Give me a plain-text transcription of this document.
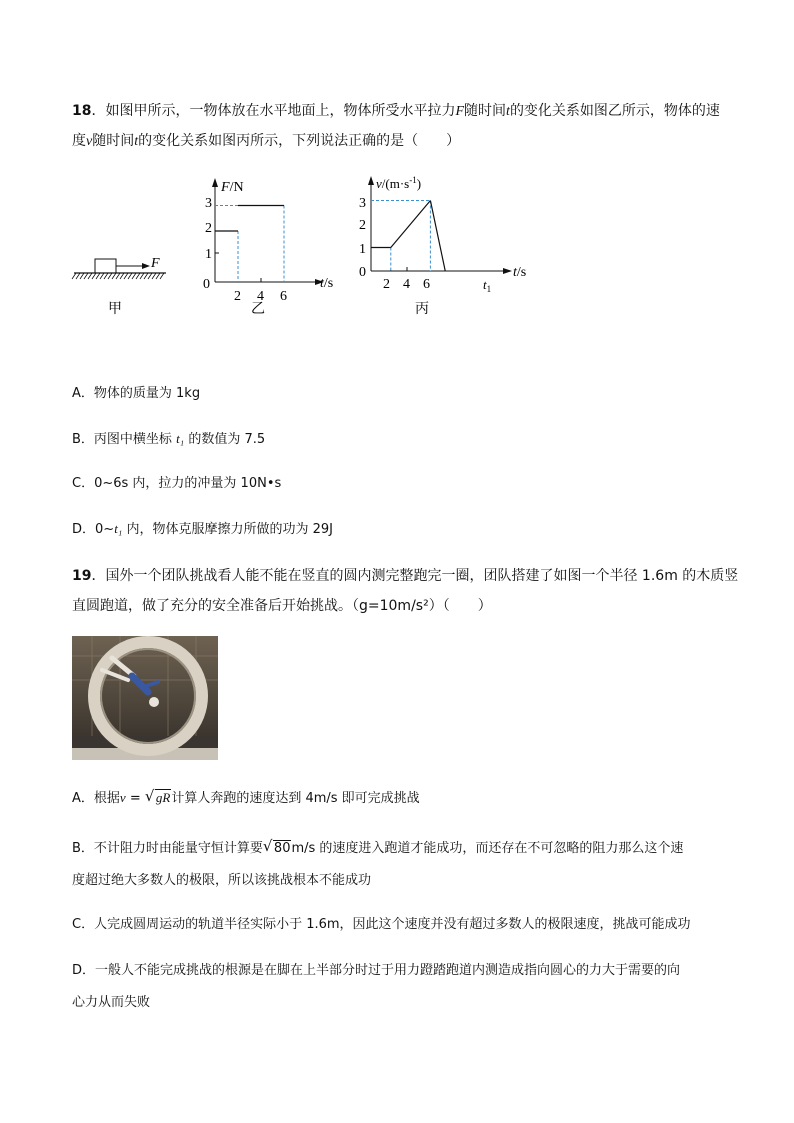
18．如图甲所示，一物体放在水平地面上，物体所受水平拉力F随时间t的变化关系如图乙所示，物体的速
度v随时间t的变化关系如图丙所示，下列说法正确的是（　　）
F
甲
F/N
t/s
0
1
2
3
2 4 6
乙
$v/(m\cdot s^{-1})$
t/s
0
1
2
3
2 4 6	$t_1$
丙
A．物体的质量为 1kg
B．丙图中横坐标 t₁ 的数值为 7.5
C．0~6s 内，拉力的冲量为 10N•s
D．0~t₁ 内，物体克服摩擦力所做的功为 29J
19．国外一个团队挑战看人能不能在竖直的圆内测完整跑完一圈，团队搭建了如图一个半径 1.6m 的木质竖
直圆跑道，做了充分的安全准备后开始挑战。（g=10m/s²）（　　）
A．根据v = √ gR计算人奔跑的速度达到 4m/s 即可完成挑战
B．不计阻力时由能量守恒计算要√ 80m/s 的速度进入跑道才能成功，而还存在不可忽略的阻力那么这个速
度超过绝大多数人的极限，所以该挑战根本不能成功
C．人完成圆周运动的轨道半径实际小于 1.6m，因此这个速度并没有超过多数人的极限速度，挑战可能成功
D．一般人不能完成挑战的根源是在脚在上半部分时过于用力蹬踏跑道内测造成指向圆心的力大于需要的向
心力从而失败
